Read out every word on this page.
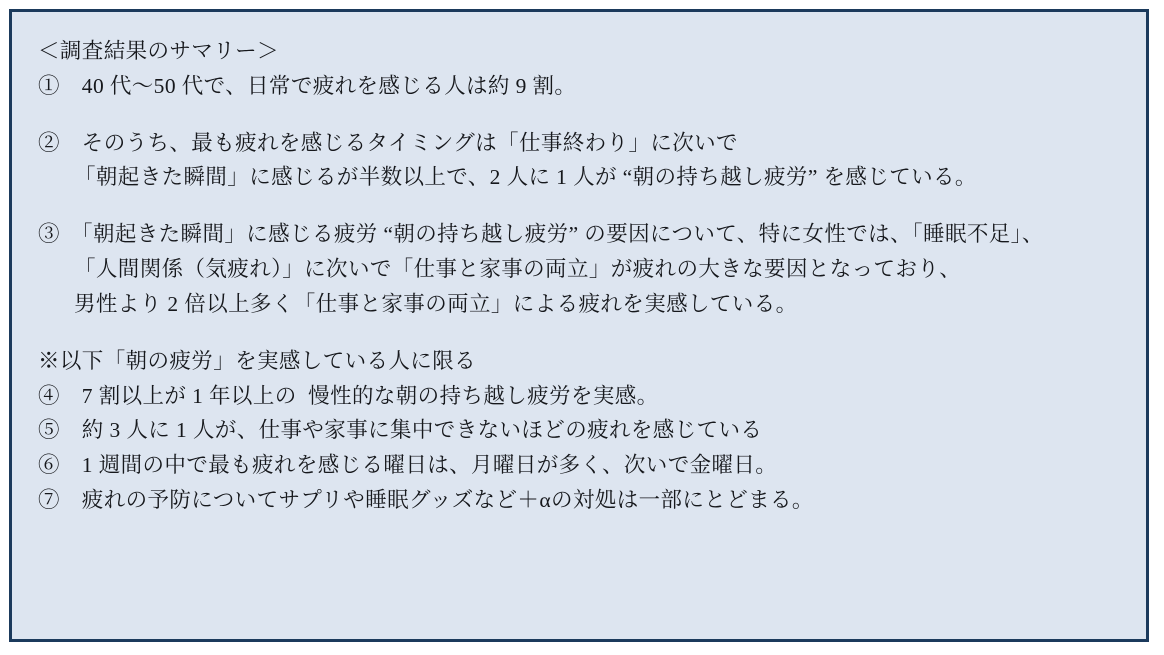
＜調査結果のサマリー＞
①　40 代～50 代で、日常で疲れを感じる人は約 9 割。
②　そのうち、最も疲れを感じるタイミングは「仕事終わり」に次いで
「朝起きた瞬間」に感じるが半数以上で、2 人に 1 人が “朝の持ち越し疲労” を感じている。
③　「朝起きた瞬間」に感じる疲労 “朝の持ち越し疲労” の要因について、特に女性では、「睡眠不足」、
「人間関係（気疲れ）」に次いで「仕事と家事の両立」が疲れの大きな要因となっており、
男性より 2 倍以上多く「仕事と家事の両立」による疲れを実感している。
※以下「朝の疲労」を実感している人に限る
④　7 割以上が 1 年以上の  慢性的な朝の持ち越し疲労を実感。
⑤　約 3 人に 1 人が、仕事や家事に集中できないほどの疲れを感じている
⑥　1 週間の中で最も疲れを感じる曜日は、月曜日が多く、次いで金曜日。
⑦　疲れの予防についてサプリや睡眠グッズなど＋αの対処は一部にとどまる。
